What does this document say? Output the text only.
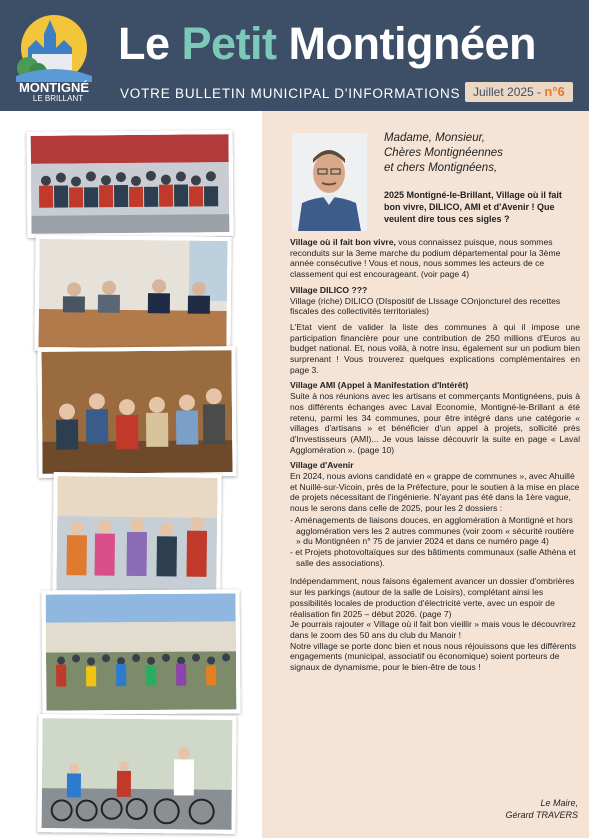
MONTIGNÉ
LE BRILLANT
Le Petit Montignéen
VOTRE BULLETIN MUNICIPAL D'INFORMATIONS	Juillet 2025 - n°6
Madame, Monsieur,
Chères Montignéennes
et chers Montignéens,
2025 Montigné-le-Brillant, Village où il fait bon vivre, DILICO, AMI et d'Avenir ! Que veulent dire tous ces sigles ?

Village où il fait bon vivre, vous connaissez puisque, nous sommes reconduits sur la 3eme marche du podium départemental pour la 3ème année consécutive ! Vous et nous, nous sommes les acteurs de ce classement qui est encourageant. (voir page 4)

Village DILICO ???

Village (riche) DILICO (DIspositif de LIssage COnjoncturel des recettes fiscales des collectivités territoriales)

L'Etat vient de valider la liste des communes à qui il impose une participation financière pour une contribution de 250 millions d'Euros au budget national. Et, nous voilà, à notre insu, également sur un podium bien surprenant ! Vous trouverez quelques explications complémentaires en page 3.

Village AMI (Appel à Manifestation d'Intérêt)

Suite à nos réunions avec les artisans et commerçants Montignéens, puis à nos différents échanges avec Laval Economie, Montigné-le-Brillant a été retenu, parmi les 34 communes, pour être intégré dans une catégorie « villages d'artisans » et bénéficier d'un appel à projets, sollicité près d'Investisseurs (AMI)... Je vous laisse découvrir la suite en page « Laval Agglomération ». (page 10)

Village d'Avenir

En 2024, nous avions candidaté en « grappe de communes », avec Ahuillé et Nuillé-sur-Vicoin, près de la Préfecture, pour le soutien à la mise en place de projets nécessitant de l'ingénierie. N'ayant pas été dans la 1ère vague, nous le serons dans celle de 2025, pour les 2 dossiers :

- Aménagements de liaisons douces, en agglomération à Montigné et hors agglomération vers les 2 autres communes (voir zoom « sécurité routière » du Montignéen n° 75 de janvier 2024 et dans ce numéro page 4)
- et Projets photovoltaïques sur des bâtiments communaux (salle Athéna et salle des associations).

Indépendamment, nous faisons également avancer un dossier d'ombrières sur les parkings (autour de la salle de Loisirs), complétant ainsi les possibilités locales de production d'électricité verte, avec un espoir de réalisation fin 2025 – début 2026. (page 7)

Je pourrais rajouter « Village où il fait bon vieillir » mais vous le découvrirez dans le zoom des 50 ans du club du Manoir !

Notre village se porte donc bien et nous nous réjouissons que les différents engagements (municipal, associatif ou économique) soient porteurs de signaux de dynamisme, pour le bien-être de tous !

Le Maire,
Gérard TRAVERS
